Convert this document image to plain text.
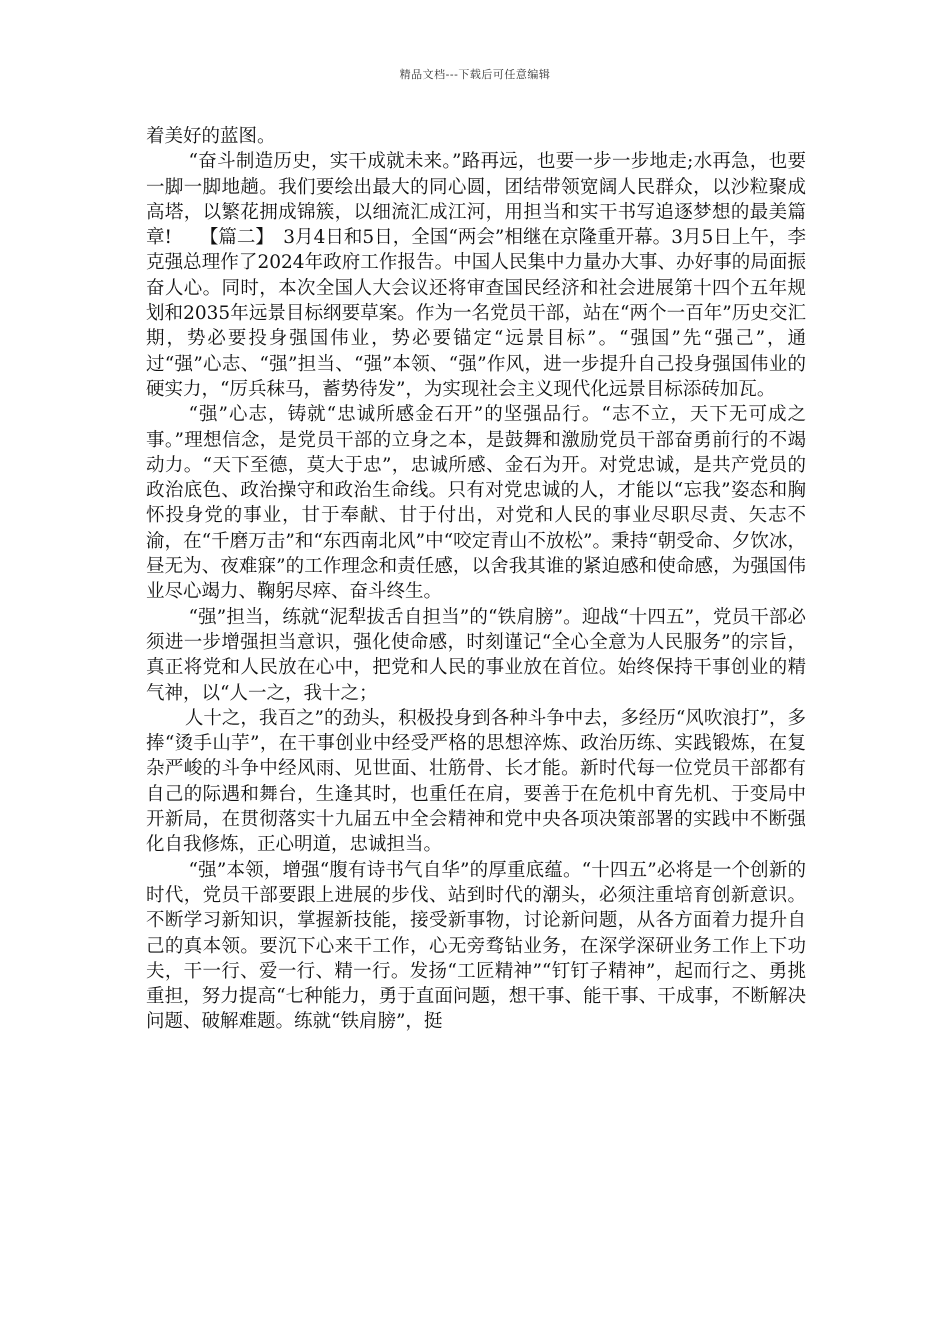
精品文档---下载后可任意编辑

着美好的蓝图。

“奋斗制造历史，实干成就未来。”路再远，也要一步一步地走;水再急，也要一脚一脚地趟。我们要绘出最大的同心圆，团结带领宽阔人民群众，以沙粒聚成高塔，以繁花拥成锦簇，以细流汇成江河，用担当和实干书写追逐梦想的最美篇章!　　【篇二】　3月4日和5日，全国“两会”相继在京隆重开幕。3月5日上午，李克强总理作了2024年政府工作报告。中国人民集中力量办大事、办好事的局面振奋人心。同时，本次全国人大会议还将审查国民经济和社会进展第十四个五年规划和2035年远景目标纲要草案。作为一名党员干部，站在“两个一百年”历史交汇期，势必要投身强国伟业，势必要锚定“远景目标”。“强国”先“强己”，通过“强”心志、“强”担当、“强”本领、“强”作风，进一步提升自己投身强国伟业的硬实力，“厉兵秣马，蓄势待发”，为实现社会主义现代化远景目标添砖加瓦。

“强”心志，铸就“忠诚所感金石开”的坚强品行。“志不立，天下无可成之事。”理想信念，是党员干部的立身之本，是鼓舞和激励党员干部奋勇前行的不竭动力。“天下至德，莫大于忠”，忠诚所感、金石为开。对党忠诚，是共产党员的政治底色、政治操守和政治生命线。只有对党忠诚的人，才能以“忘我”姿态和胸怀投身党的事业，甘于奉献、甘于付出，对党和人民的事业尽职尽责、矢志不渝，在“千磨万击”和“东西南北风”中“咬定青山不放松”。秉持“朝受命、夕饮冰，昼无为、夜难寐”的工作理念和责任感，以舍我其谁的紧迫感和使命感，为强国伟业尽心竭力、鞠躬尽瘁、奋斗终生。

“强”担当，练就“泥犁拔舌自担当”的“铁肩膀”。迎战“十四五”，党员干部必须进一步增强担当意识，强化使命感，时刻谨记“全心全意为人民服务”的宗旨，真正将党和人民放在心中，把党和人民的事业放在首位。始终保持干事创业的精气神，以“人一之，我十之；

人十之，我百之”的劲头，积极投身到各种斗争中去，多经历“风吹浪打”，多捧“烫手山芋”，在干事创业中经受严格的思想淬炼、政治历练、实践锻炼，在复杂严峻的斗争中经风雨、见世面、壮筋骨、长才能。新时代每一位党员干部都有自己的际遇和舞台，生逢其时，也重任在肩，要善于在危机中育先机、于变局中开新局，在贯彻落实十九届五中全会精神和党中央各项决策部署的实践中不断强化自我修炼，正心明道，忠诚担当。

“强”本领，增强“腹有诗书气自华”的厚重底蕴。“十四五”必将是一个创新的时代，党员干部要跟上进展的步伐、站到时代的潮头，必须注重培育创新意识。不断学习新知识，掌握新技能，接受新事物，讨论新问题，从各方面着力提升自己的真本领。要沉下心来干工作，心无旁骛钻业务，在深学深研业务工作上下功夫，干一行、爱一行、精一行。发扬“工匠精神”“钉钉子精神”，起而行之、勇挑重担，努力提高“七种能力，勇于直面问题，想干事、能干事、干成事，不断解决问题、破解难题。练就“铁肩膀”，挺
